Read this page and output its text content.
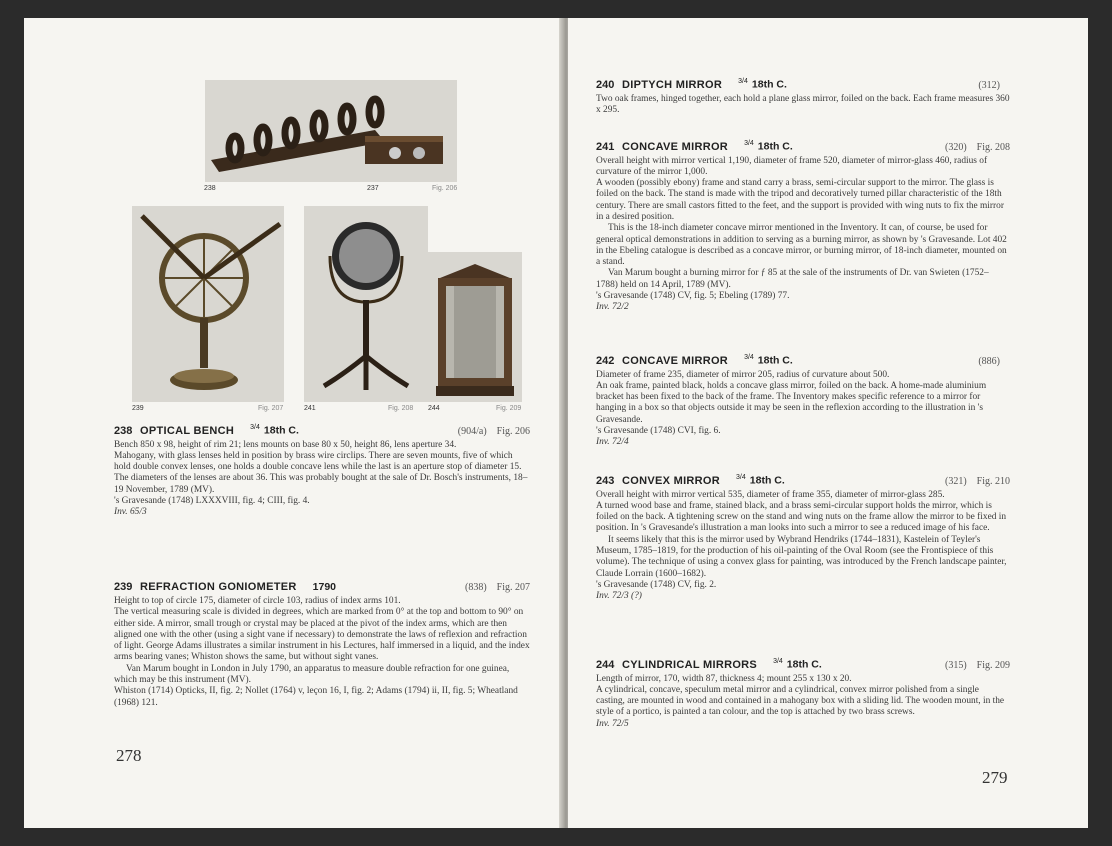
238	237	Fig. 206
239	Fig. 207	241	Fig. 208 244	Fig. 209
238 OPTICAL BENCH $^{3/4}$ 18th C.	(904/a) Fig. 206

Bench 850 x 98, height of rim 21; lens mounts on base 80 x 50, height 86, lens aperture 34.

Mahogany, with glass lenses held in position by brass wire circlips. There are seven mounts, five of which hold double convex lenses, one holds a double concave lens while the last is an aperture stop of diameter 15. The diameters of the lenses are about 36. This was probably bought at the sale of Dr. Bosch's instruments, 18–19 November, 1789 (MV).

's Gravesande (1748) LXXXVIII, fig. 4; CIII, fig. 4.

Inv. 65/3

239 REFRACTION GONIOMETER 1790	(838) Fig. 207

Height to top of circle 175, diameter of circle 103, radius of index arms 101.

The vertical measuring scale is divided in degrees, which are marked from 0° at the top and bottom to 90° on either side. A mirror, small trough or crystal may be placed at the pivot of the index arms, which are then aligned one with the other (using a sight vane if necessary) to demonstrate the laws of reflexion and refraction of light. George Adams illustrates a similar instrument in his Lectures, half immersed in a liquid, and the index arms bearing vanes; Whiston shows the same, but without sight vanes.

Van Marum bought in London in July 1790, an apparatus to measure double refraction for one guinea, which may be this instrument (MV).

Whiston (1714) Opticks, II, fig. 2; Nollet (1764) v, leçon 16, I, fig. 2; Adams (1794) ii, II, fig. 5; Wheatland (1968) 121.

278
240 DIPTYCH MIRROR $^{3/4}$ 18th C.	(312)

Two oak frames, hinged together, each hold a plane glass mirror, foiled on the back. Each frame measures 360 x 295.

241 CONCAVE MIRROR $^{3/4}$ 18th C.	(320) Fig. 208

Overall height with mirror vertical 1,190, diameter of frame 520, diameter of mirror-glass 460, radius of curvature of the mirror 1,000.

A wooden (possibly ebony) frame and stand carry a brass, semi-circular support to the mirror. The glass is foiled on the back. The stand is made with the tripod and decoratively turned pillar characteristic of the 18th century. There are small castors fitted to the feet, and the support is provided with wing nuts to fix the mirror in a desired position.

This is the 18-inch diameter concave mirror mentioned in the Inventory. It can, of course, be used for general optical demonstrations in addition to serving as a burning mirror, as shown by 's Gravesande. Lot 402 in the Ebeling catalogue is described as a concave mirror, or burning mirror, of 18-inch diameter, mounted on a stand.

Van Marum bought a burning mirror for ƒ 85 at the sale of the instruments of Dr. van Swieten (1752–1788) held on 14 April, 1789 (MV).

's Gravesande (1748) CV, fig. 5; Ebeling (1789) 77.

Inv. 72/2

242 CONCAVE MIRROR $^{3/4}$ 18th C.	(886)

Diameter of frame 235, diameter of mirror 205, radius of curvature about 500.

An oak frame, painted black, holds a concave glass mirror, foiled on the back. A home-made aluminium bracket has been fixed to the back of the frame. The Inventory makes specific reference to a mirror for hanging in a box so that objects outside it may be seen in the reflexion according to the illustration in 's Gravesande.

's Gravesande (1748) CVI, fig. 6.

Inv. 72/4

243 CONVEX MIRROR $^{3/4}$ 18th C.	(321) Fig. 210

Overall height with mirror vertical 535, diameter of frame 355, diameter of mirror-glass 285.

A turned wood base and frame, stained black, and a brass semi-circular support holds the mirror, which is foiled on the back. A tightening screw on the stand and wing nuts on the frame allow the mirror to be fixed in position. In 's Gravesande's illustration a man looks into such a mirror to see a reduced image of his face.

It seems likely that this is the mirror used by Wybrand Hendriks (1744–1831), Kastelein of Teyler's Museum, 1785–1819, for the production of his oil-painting of the Oval Room (see the Frontispiece of this volume). The technique of using a convex glass for painting, was introduced by the French landscape painter, Claude Lorrain (1600–1682).

's Gravesande (1748) CV, fig. 2.

Inv. 72/3 (?)

244 CYLINDRICAL MIRRORS $^{3/4}$ 18th C.	(315) Fig. 209

Length of mirror, 170, width 87, thickness 4; mount 255 x 130 x 20.

A cylindrical, concave, speculum metal mirror and a cylindrical, convex mirror polished from a single casting, are mounted in wood and contained in a mahogany box with a sliding lid. The wooden mount, in the style of a portico, is painted a tan colour, and the top is attached by two brass screws.

Inv. 72/5

279
